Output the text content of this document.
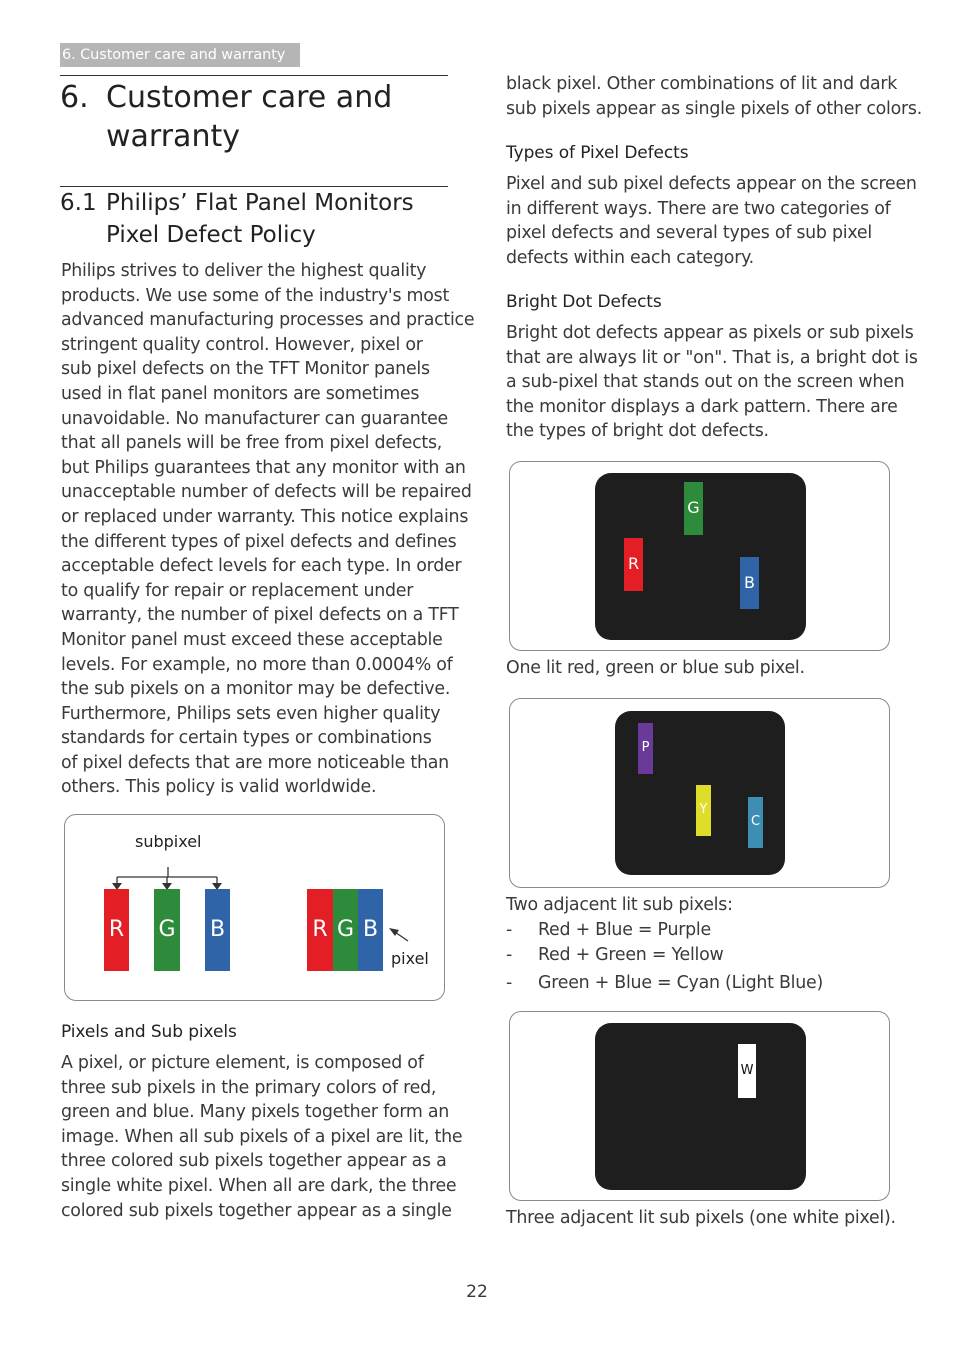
6. Customer care and warranty
6. Customer care and warranty
6.1 Philips’ Flat Panel Monitors Pixel Defect Policy
Philips strives to deliver the highest quality
products. We use some of the industry's most
advanced manufacturing processes and practice
stringent quality control. However, pixel or
sub pixel defects on the TFT Monitor panels
used in flat panel monitors are sometimes
unavoidable. No manufacturer can guarantee
that all panels will be free from pixel defects,
but Philips guarantees that any monitor with an
unacceptable number of defects will be repaired
or replaced under warranty. This notice explains
the different types of pixel defects and defines
acceptable defect levels for each type. In order
to qualify for repair or replacement under
warranty, the number of pixel defects on a TFT
Monitor panel must exceed these acceptable
levels. For example, no more than 0.0004% of
the sub pixels on a monitor may be defective.
Furthermore, Philips sets even higher quality
standards for certain types or combinations
of pixel defects that are more noticeable than
others. This policy is valid worldwide.
subpixel
R G B	R G B
pixel
Pixels and Sub pixels
A pixel, or picture element, is composed of
three sub pixels in the primary colors of red,
green and blue. Many pixels together form an
image. When all sub pixels of a pixel are lit, the
three colored sub pixels together appear as a
single white pixel. When all are dark, the three
colored sub pixels together appear as a single
black pixel. Other combinations of lit and dark
sub pixels appear as single pixels of other colors.
Types of Pixel Defects
Pixel and sub pixel defects appear on the screen
in different ways. There are two categories of
pixel defects and several types of sub pixel
defects within each category.
Bright Dot Defects
Bright dot defects appear as pixels or sub pixels
that are always lit or "on". That is, a bright dot is
a sub-pixel that stands out on the screen when
the monitor displays a dark pattern. There are
the types of bright dot defects.
G
R
B
One lit red, green or blue sub pixel.
P
Y
C
Two adjacent lit sub pixels:
- Red + Blue = Purple
- Red + Green = Yellow
- Green + Blue = Cyan (Light Blue)
W
Three adjacent lit sub pixels (one white pixel).
22
